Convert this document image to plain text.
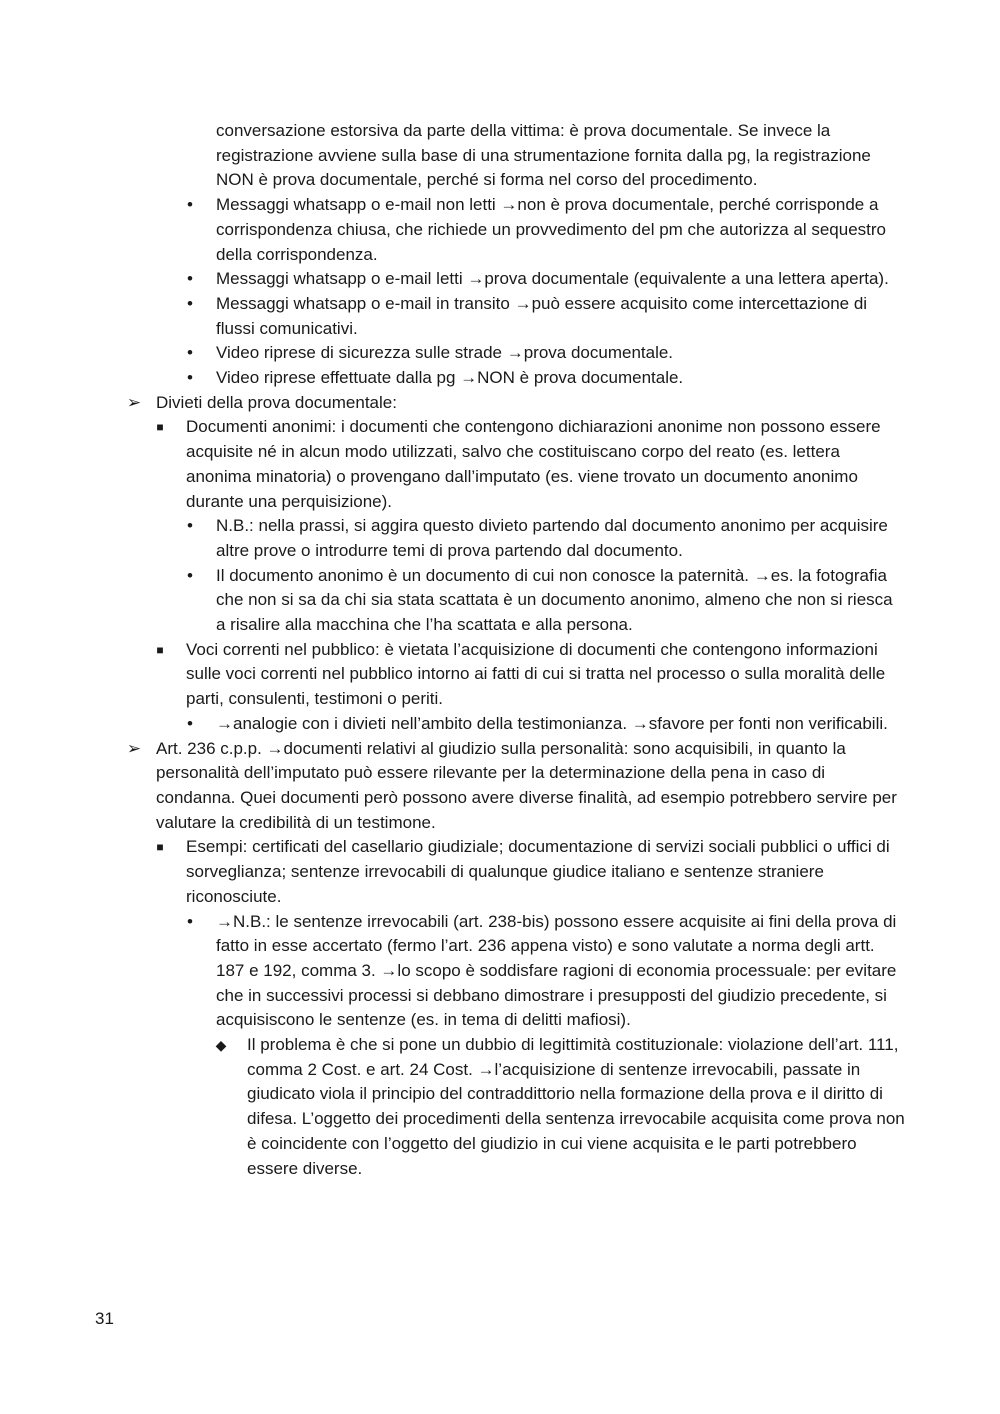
conversazione estorsiva da parte della vittima: è prova documentale. Se invece la registrazione avviene sulla base di una strumentazione fornita dalla pg, la registrazione NON è prova documentale, perché si forma nel corso del procedimento.
•	Messaggi whatsapp o e-mail non letti →non è prova documentale, perché corrisponde a corrispondenza chiusa, che richiede un provvedimento del pm che autorizza al sequestro della corrispondenza.
•	Messaggi whatsapp o e-mail letti →prova documentale (equivalente a una lettera aperta).
•	Messaggi whatsapp o e-mail in transito →può essere acquisito come intercettazione di flussi comunicativi.
•	Video riprese di sicurezza sulle strade →prova documentale.
•	Video riprese effettuate dalla pg →NON è prova documentale.
➢ Divieti della prova documentale:
■	Documenti anonimi: i documenti che contengono dichiarazioni anonime non possono essere acquisite né in alcun modo utilizzati, salvo che costituiscano corpo del reato (es. lettera anonima minatoria) o provengano dall’imputato (es. viene trovato un documento anonimo durante una perquisizione).
•	N.B.: nella prassi, si aggira questo divieto partendo dal documento anonimo per acquisire altre prove o introdurre temi di prova partendo dal documento.
•	Il documento anonimo è un documento di cui non conosce la paternità. →es. la fotografia che non si sa da chi sia stata scattata è un documento anonimo, almeno che non si riesca a risalire alla macchina che l’ha scattata e alla persona.
■	Voci correnti nel pubblico: è vietata l’acquisizione di documenti che contengono informazioni sulle voci correnti nel pubblico intorno ai fatti di cui si tratta nel processo o sulla moralità delle parti, consulenti, testimoni o periti.
•	→analogie con i divieti nell’ambito della testimonianza. →sfavore per fonti non verificabili.
➢ Art. 236 c.p.p. →documenti relativi al giudizio sulla personalità: sono acquisibili, in quanto la personalità dell’imputato può essere rilevante per la determinazione della pena in caso di condanna. Quei documenti però possono avere diverse finalità, ad esempio potrebbero servire per valutare la credibilità di un testimone.
■	Esempi: certificati del casellario giudiziale; documentazione di servizi sociali pubblici o uffici di sorveglianza; sentenze irrevocabili di qualunque giudice italiano e sentenze straniere riconosciute.
•	→N.B.: le sentenze irrevocabili (art. 238-bis) possono essere acquisite ai fini della prova di fatto in esse accertato (fermo l’art. 236 appena visto) e sono valutate a norma degli artt. 187 e 192, comma 3. →lo scopo è soddisfare ragioni di economia processuale: per evitare che in successivi processi si debbano dimostrare i presupposti del giudizio precedente, si acquisiscono le sentenze (es. in tema di delitti mafiosi).
◆ Il problema è che si pone un dubbio di legittimità costituzionale: violazione dell’art. 111, comma 2 Cost. e art. 24 Cost. →l’acquisizione di sentenze irrevocabili, passate in giudicato viola il principio del contraddittorio nella formazione della prova e il diritto di difesa. L’oggetto dei procedimenti della sentenza irrevocabile acquisita come prova non è coincidente con l’oggetto del giudizio in cui viene acquisita e le parti potrebbero essere diverse.
31
